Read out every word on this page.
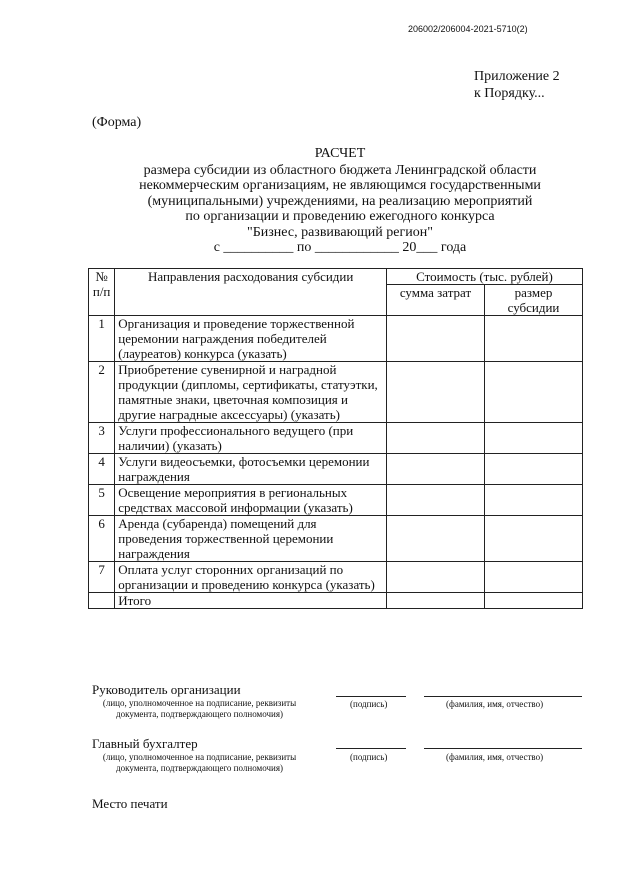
206002/206004-2021-5710(2)
Приложение 2
к Порядку...
(Форма)
РАСЧЕТ
размера субсидии из областного бюджета Ленинградской области
некоммерческим организациям, не являющимся государственными
(муниципальными) учреждениями, на реализацию мероприятий
по организации и проведению ежегодного конкурса
"Бизнес, развивающий регион"
с __________ по ____________ 20___ года
№ п/п	Направления расходования субсидии	Стоимость (тыс. рублей)	
		сумма затрат	размер субсидии
1	Организация и проведение торжественной церемонии награждения победителей (лауреатов) конкурса (указать)		
2	Приобретение сувенирной и наградной продукции (дипломы, сертификаты, статуэтки, памятные знаки, цветочная композиция и другие наградные аксессуары) (указать)		
3	Услуги профессионального ведущего (при наличии) (указать)		
4	Услуги видеосъемки, фотосъемки церемонии награждения		
5	Освещение мероприятия в региональных средствах массовой информации (указать)		
6	Аренда (субаренда) помещений для проведения торжественной церемонии награждения		
7	Оплата услуг сторонних организаций по организации и проведению конкурса (указать)		
	Итого		
Руководитель организации
(лицо, уполномоченное на подписание, реквизиты документа, подтверждающего полномочия)
(подпись)	(фамилия, имя, отчество)
Главный бухгалтер
(лицо, уполномоченное на подписание, реквизиты документа, подтверждающего полномочия)
(подпись)	(фамилия, имя, отчество)
Место печати
